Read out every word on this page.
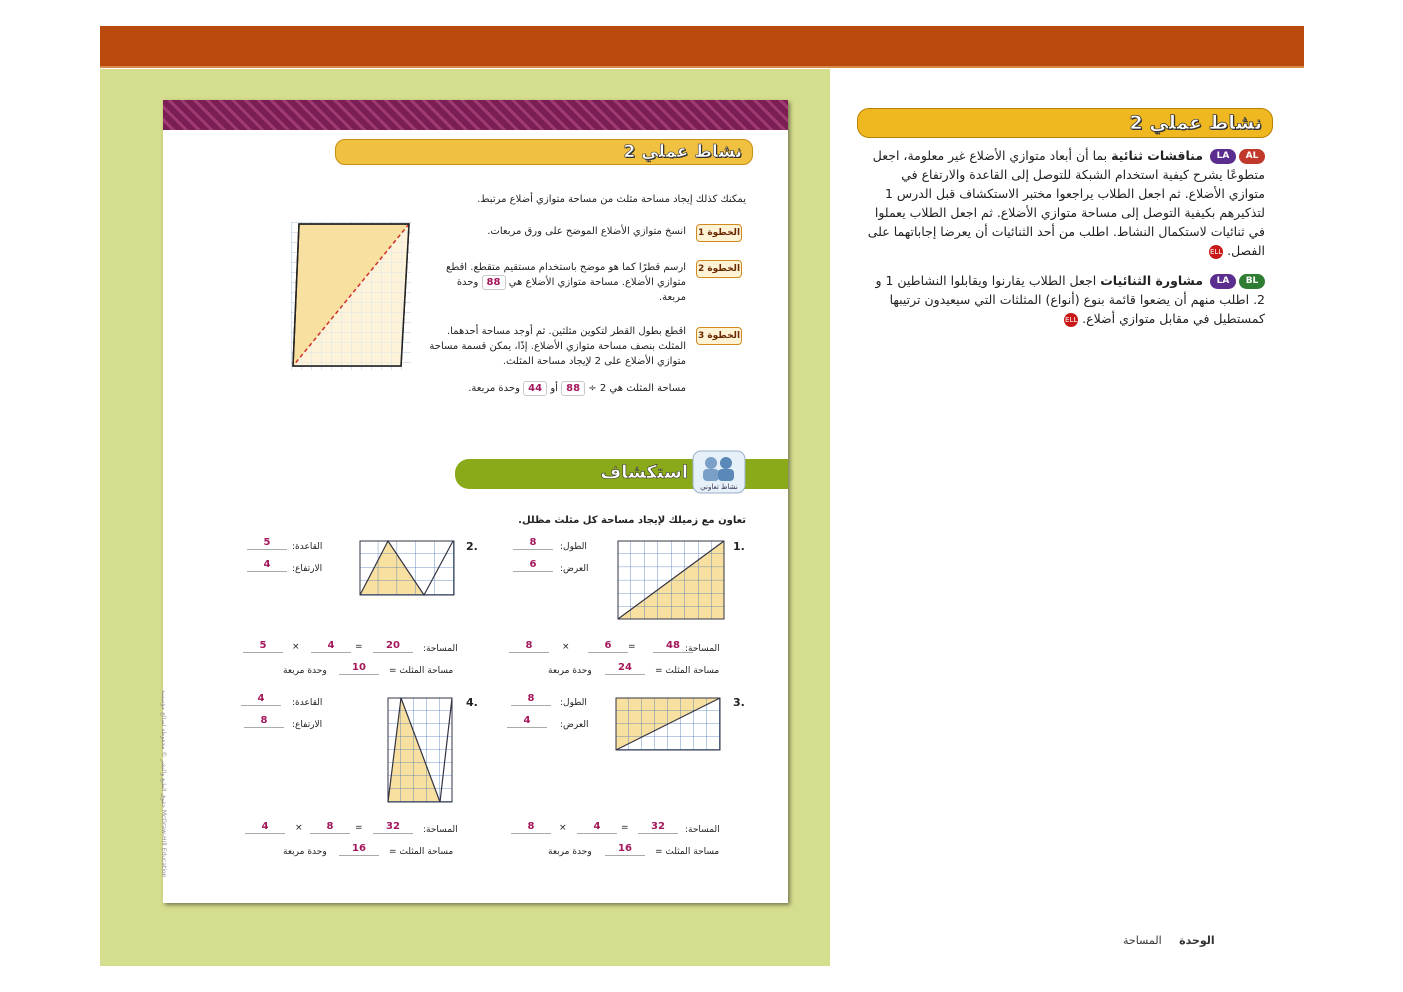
نشاط عملي 2
يمكنك كذلك إيجاد مساحة مثلث من مساحة متوازي أضلاع مرتبط.
الخطوة 1
انسخ متوازي الأضلاع الموضح على ورق مربعات.
الخطوة 2
ارسم قطرًا كما هو موضح باستخدام مستقيم متقطع. اقطع متوازي الأضلاع. مساحة متوازي الأضلاع هي 88 وحدة مربعة.
الخطوة 3
اقطع بطول القطر لتكوين مثلثين. ثم أوجد مساحة أحدهما. المثلث بنصف مساحة متوازي الأضلاع. إذًا، يمكن قسمة مساحة متوازي الأضلاع على 2 لإيجاد مساحة المثلث.
مساحة المثلث هي 2 ÷ 88 أو 44 وحدة مربعة.
استكشاف
نشاط تعاوني
تعاون مع زميلك لإيجاد مساحة كل مثلث مظلل.
1.
الطول:
8
العرض:
6
المساحة:
48
=
6
×
8
مساحة المثلث =
24
وحدة مربعة
2.
القاعدة:
5
الارتفاع:
4
المساحة:
20
=
4
×
5
مساحة المثلث =
10
وحدة مربعة
3.
الطول:
8
العرض:
4
المساحة:
32
=
4
×
8
مساحة المثلث =
16
وحدة مربعة
4.
القاعدة:
4
الارتفاع:
8
المساحة:
32
=
8
×
4
مساحة المثلث =
16
وحدة مربعة
حقوق الطبع والنشر © محفوظة لصالح مؤسسة McGraw-Hill Education
نشاط عملي 2
ALLA مناقشات ثنائية بما أن أبعاد متوازي الأضلاع غير معلومة، اجعل متطوعًا يشرح كيفية استخدام الشبكة للتوصل إلى القاعدة والارتفاع في متوازي الأضلاع. ثم اجعل الطلاب يراجعوا مختبر الاستكشاف قبل الدرس 1 لتذكيرهم بكيفية التوصل إلى مساحة متوازي الأضلاع. ثم اجعل الطلاب يعملوا في ثنائيات لاستكمال النشاط. اطلب من أحد الثنائيات أن يعرضا إجاباتهما على الفصل. ELL
BLLA مشاورة الثنائيات اجعل الطلاب يقارنوا ويقابلوا النشاطين 1 و 2. اطلب منهم أن يضعوا قائمة بنوع (أنواع) المثلثات التي سيعيدون ترتيبها كمستطيل في مقابل متوازي أضلاع. ELL
الوحدة     المساحة
